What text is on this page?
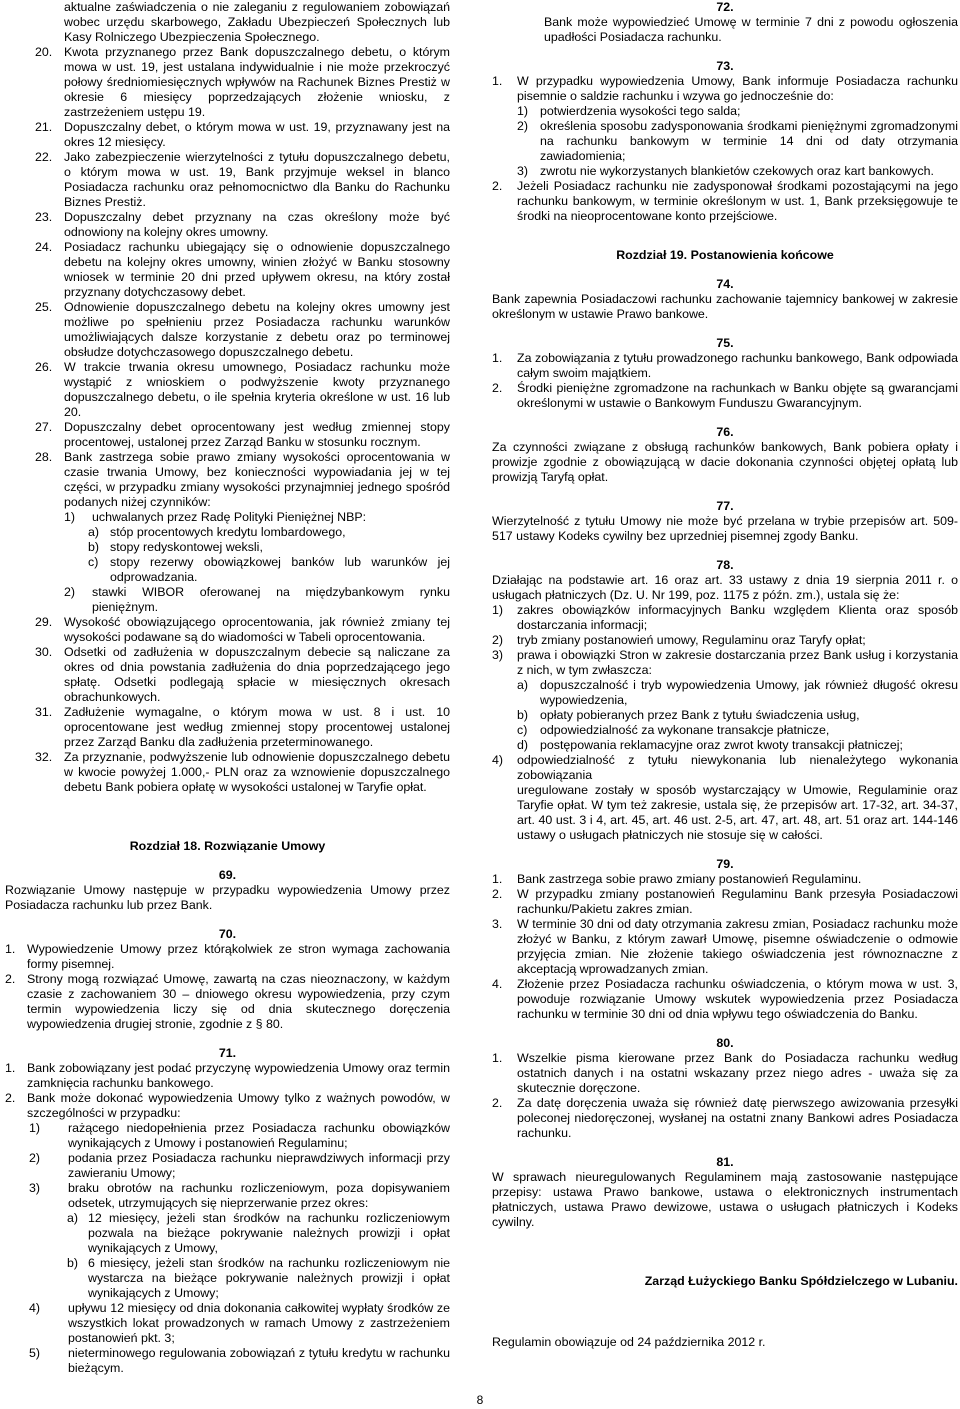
aktualne zaświadczenia o nie zaleganiu z regulowaniem zobowiązań wobec urzędu skarbowego, Zakładu Ubezpieczeń Społecznych lub Kasy Rolniczego Ubezpieczenia Społecznego.
20. Kwota przyznanego przez Bank dopuszczalnego debetu, o którym mowa w ust. 19, jest ustalana indywidualnie i nie może przekroczyć połowy średniomiesięcznych wpływów na Rachunek Biznes Prestiż w okresie 6 miesięcy poprzedzających złożenie wniosku, z zastrzeżeniem ustępu 19.
21. Dopuszczalny debet, o którym mowa w ust. 19, przyznawany jest na okres 12 miesięcy.
22. Jako zabezpieczenie wierzytelności z tytułu dopuszczalnego debetu, o którym mowa w ust. 19, Bank przyjmuje weksel in blanco Posiadacza rachunku oraz pełnomocnictwo dla Banku do Rachunku Biznes Prestiż.
23. Dopuszczalny debet przyznany na czas określony może być odnowiony na kolejny okres umowny.
24. Posiadacz rachunku ubiegający się o odnowienie dopuszczalnego debetu na kolejny okres umowny, winien złożyć w Banku stosowny wniosek w terminie 20 dni przed upływem okresu, na który został przyznany dotychczasowy debet.
25. Odnowienie dopuszczalnego debetu na kolejny okres umowny jest możliwe po spełnieniu przez Posiadacza rachunku warunków umożliwiających dalsze korzystanie z debetu oraz po terminowej obsłudze dotychczasowego dopuszczalnego debetu.
26. W trakcie trwania okresu umownego, Posiadacz rachunku może wystąpić z wnioskiem o podwyższenie kwoty przyznanego dopuszczalnego debetu, o ile spełnia kryteria określone w ust. 16 lub 20.
27. Dopuszczalny debet oprocentowany jest według zmiennej stopy procentowej, ustalonej przez Zarząd Banku w stosunku rocznym.
28. Bank zastrzega sobie prawo zmiany wysokości oprocentowania w czasie trwania Umowy, bez konieczności wypowiadania jej w tej części, w przypadku zmiany wysokości przynajmniej jednego spośród podanych niżej czynników:
1) uchwalanych przez Radę Polityki Pieniężnej NBP:
a) stóp procentowych kredytu lombardowego,
b) stopy redyskontowej weksli,
c) stopy rezerwy obowiązkowej banków lub warunków jej odprowadzania.
2) stawki WIBOR oferowanej na międzybankowym rynku pieniężnym.
29. Wysokość obowiązującego oprocentowania, jak również zmiany tej wysokości podawane są do wiadomości w Tabeli oprocentowania.
30. Odsetki od zadłużenia w dopuszczalnym debecie są naliczane za okres od dnia powstania zadłużenia do dnia poprzedzającego jego spłatę. Odsetki podlegają spłacie w miesięcznych okresach obrachunkowych.
31. Zadłużenie wymagalne, o którym mowa w ust. 8 i ust. 10 oprocentowane jest według zmiennej stopy procentowej ustalonej przez Zarząd Banku dla zadłużenia przeterminowanego.
32. Za przyznanie, podwyższenie lub odnowienie dopuszczalnego debetu w kwocie powyżej 1.000,- PLN oraz za wznowienie dopuszczalnego debetu Bank pobiera opłatę w wysokości ustalonej w Taryfie opłat.
Rozdział 18. Rozwiązanie Umowy
69.
Rozwiązanie Umowy następuje w przypadku wypowiedzenia Umowy przez Posiadacza rachunku lub przez Bank.
70.
1. Wypowiedzenie Umowy przez którąkolwiek ze stron wymaga zachowania formy pisemnej.
2. Strony mogą rozwiązać Umowę, zawartą na czas nieoznaczony, w każdym czasie z zachowaniem 30 – dniowego okresu wypowiedzenia, przy czym termin wypowiedzenia liczy się od dnia skutecznego doręczenia wypowiedzenia drugiej stronie, zgodnie z § 80.
71.
1. Bank zobowiązany jest podać przyczynę wypowiedzenia Umowy oraz termin zamknięcia rachunku bankowego.
2. Bank może dokonać wypowiedzenia Umowy tylko z ważnych powodów, w szczególności w przypadku:
1) rażącego niedopełnienia przez Posiadacza rachunku obowiązków wynikających z Umowy i postanowień Regulaminu;
2) podania przez Posiadacza rachunku nieprawdziwych informacji przy zawieraniu Umowy;
3) braku obrotów na rachunku rozliczeniowym, poza dopisywaniem odsetek, utrzymujących się nieprzerwanie przez okres:
a) 12 miesięcy, jeżeli stan środków na rachunku rozliczeniowym pozwala na bieżące pokrywanie należnych prowizji i opłat wynikających z Umowy,
b) 6 miesięcy, jeżeli stan środków na rachunku rozliczeniowym nie wystarcza na bieżące pokrywanie należnych prowizji i opłat wynikających z Umowy;
4) upływu 12 miesięcy od dnia dokonania całkowitej wypłaty środków ze wszystkich lokat prowadzonych w ramach Umowy z zastrzeżeniem postanowień pkt. 3;
5) nieterminowego regulowania zobowiązań z tytułu kredytu w rachunku bieżącym.
72.
Bank może wypowiedzieć Umowę w terminie 7 dni z powodu ogłoszenia upadłości Posiadacza rachunku.
73.
1. W przypadku wypowiedzenia Umowy, Bank informuje Posiadacza rachunku pisemnie o saldzie rachunku i wzywa go jednocześnie do:
1) potwierdzenia wysokości tego salda;
2) określenia sposobu zadysponowania środkami pieniężnymi zgromadzonymi na rachunku bankowym w terminie 14 dni od daty otrzymania zawiadomienia;
3) zwrotu nie wykorzystanych blankietów czekowych oraz kart bankowych.
2. Jeżeli Posiadacz rachunku nie zadysponował środkami pozostającymi na jego rachunku bankowym, w terminie określonym w ust. 1, Bank przeksięgowuje te środki na nieoprocentowane konto przejściowe.
Rozdział 19. Postanowienia końcowe
74.
Bank zapewnia Posiadaczowi rachunku zachowanie tajemnicy bankowej w zakresie określonym w ustawie Prawo bankowe.
75.
1. Za zobowiązania z tytułu prowadzonego rachunku bankowego, Bank odpowiada całym swoim majątkiem.
2. Środki pieniężne zgromadzone na rachunkach w Banku objęte są gwarancjami określonymi w ustawie o Bankowym Funduszu Gwarancyjnym.
76.
Za czynności związane z obsługą rachunków bankowych, Bank pobiera opłaty i prowizje zgodnie z obowiązującą w dacie dokonania czynności objętej opłatą lub prowizją Taryfą opłat.
77.
Wierzytelność z tytułu Umowy nie może być przelana w trybie przepisów art. 509-517 ustawy Kodeks cywilny bez uprzedniej pisemnej zgody Banku.
78.
Działając na podstawie art. 16 oraz art. 33 ustawy z dnia 19 sierpnia 2011 r. o usługach płatniczych (Dz. U. Nr 199, poz. 1175 z późn. zm.), ustala się że:
1) zakres obowiązków informacyjnych Banku względem Klienta oraz sposób dostarczania informacji;
2) tryb zmiany postanowień umowy, Regulaminu oraz Taryfy opłat;
3) prawa i obowiązki Stron w zakresie dostarczania przez Bank usług i korzystania z nich, w tym zwłaszcza:
a) dopuszczalność i tryb wypowiedzenia Umowy, jak również długość okresu wypowiedzenia,
b) opłaty pobieranych przez Bank z tytułu świadczenia usług,
c) odpowiedzialność za wykonane transakcje płatnicze,
d) postępowania reklamacyjne oraz zwrot kwoty transakcji płatniczej;
4) odpowiedzialność z tytułu niewykonania lub nienależytego wykonania zobowiązania
uregulowane zostały w sposób wystarczający w Umowie, Regulaminie oraz Taryfie opłat. W tym też zakresie, ustala się, że przepisów art. 17-32, art. 34-37, art. 40 ust. 3 i 4, art. 45, art. 46 ust. 2-5, art. 47, art. 48, art. 51 oraz art. 144-146 ustawy o usługach płatniczych nie stosuje się w całości.
79.
1. Bank zastrzega sobie prawo zmiany postanowień Regulaminu.
2. W przypadku zmiany postanowień Regulaminu Bank przesyła Posiadaczowi rachunku/Pakietu zakres zmian.
3. W terminie 30 dni od daty otrzymania zakresu zmian, Posiadacz rachunku może złożyć w Banku, z którym zawarł Umowę, pisemne oświadczenie o odmowie przyjęcia zmian. Nie złożenie takiego oświadczenia jest równoznaczne z akceptacją wprowadzanych zmian.
4. Złożenie przez Posiadacza rachunku oświadczenia, o którym mowa w ust. 3, powoduje rozwiązanie Umowy wskutek wypowiedzenia przez Posiadacza rachunku w terminie 30 dni od dnia wpływu tego oświadczenia do Banku.
80.
1. Wszelkie pisma kierowane przez Bank do Posiadacza rachunku według ostatnich danych i na ostatni wskazany przez niego adres - uważa się za skutecznie doręczone.
2. Za datę doręczenia uważa się również datę pierwszego awizowania przesyłki poleconej niedoręczonej, wysłanej na ostatni znany Bankowi adres Posiadacza rachunku.
81.
W sprawach nieuregulowanych Regulaminem mają zastosowanie następujące przepisy: ustawa Prawo bankowe, ustawa o elektronicznych instrumentach płatniczych, ustawa Prawo dewizowe, ustawa o usługach płatniczych i Kodeks cywilny.
Zarząd Łużyckiego Banku Spółdzielczego w Lubaniu.
Regulamin obowiązuje od 24 października 2012 r.
8
